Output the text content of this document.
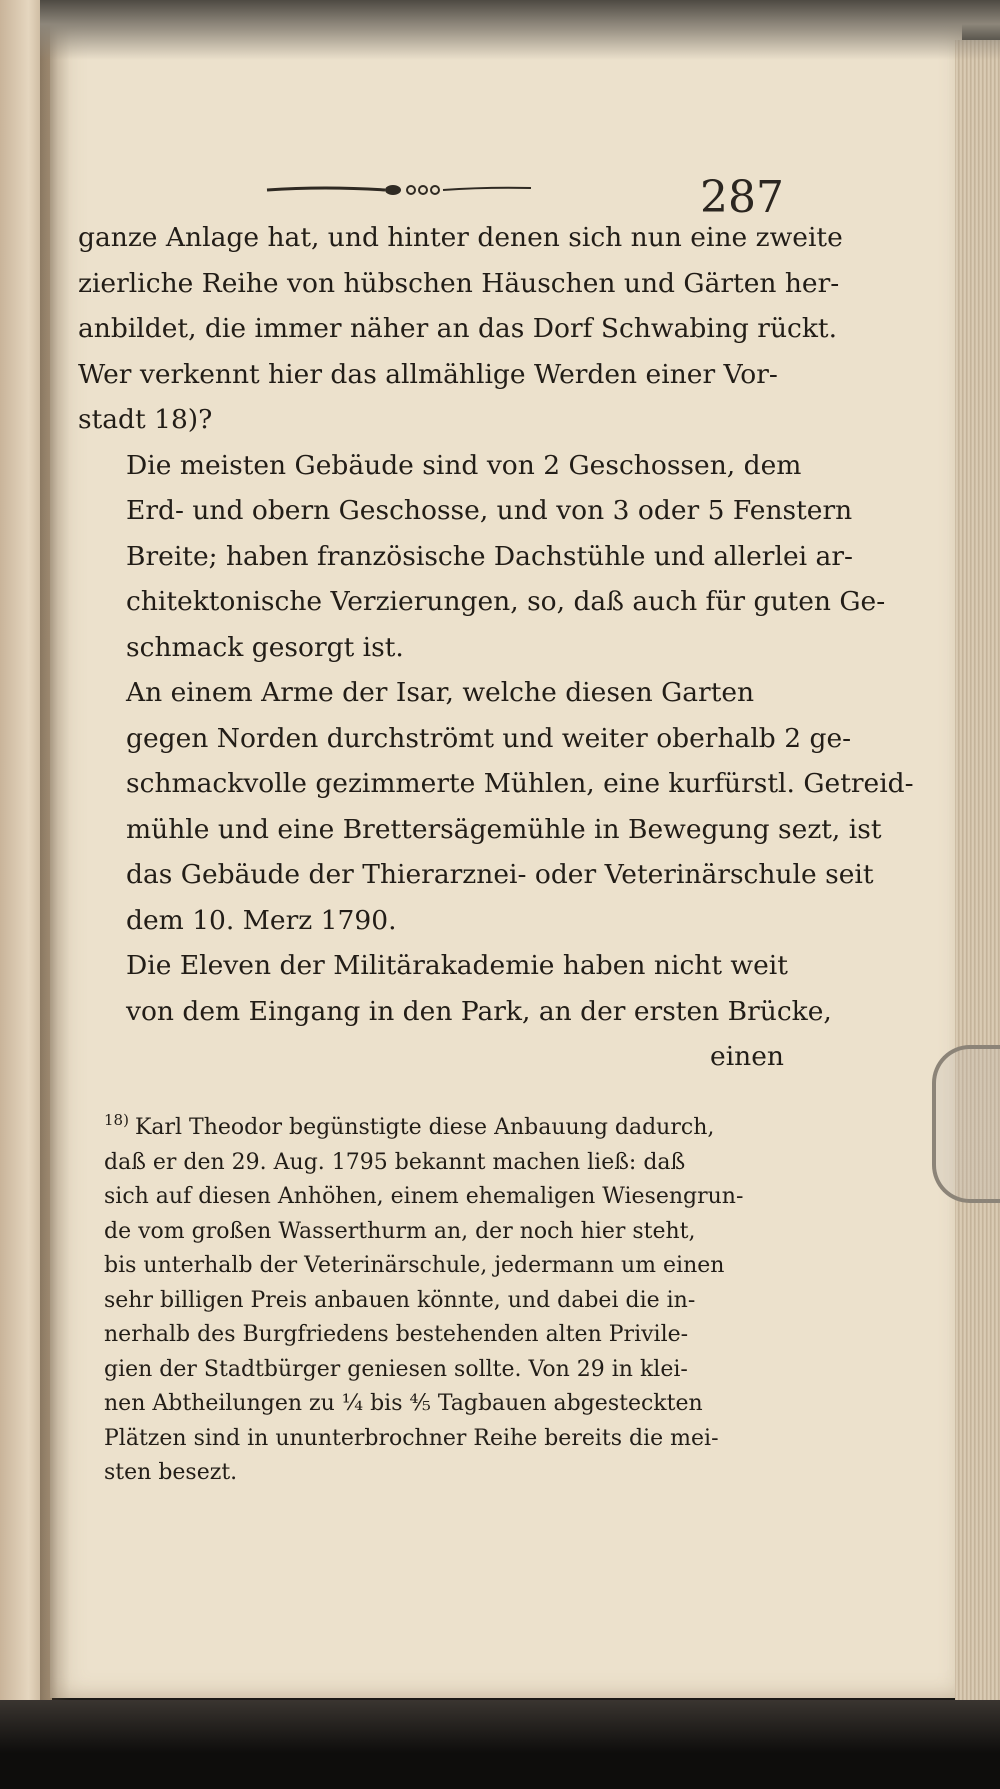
287

ganze Anlage hat, und hinter denen sich nun eine zweite
zierliche Reihe von hübschen Häuschen und Gärten her-
anbildet, die immer näher an das Dorf Schwabing rückt.
Wer verkennt hier das allmählige Werden einer Vor-
stadt 18)?

Die meisten Gebäude sind von 2 Geschossen, dem
Erd- und obern Geschosse, und von 3 oder 5 Fenstern
Breite; haben französische Dachstühle und allerlei ar-
chitektonische Verzierungen, so, daß auch für guten Ge-
schmack gesorgt ist.

An einem Arme der Isar, welche diesen Garten
gegen Norden durchströmt und weiter oberhalb 2 ge-
schmackvolle gezimmerte Mühlen, eine kurfürstl. Getreid-
mühle und eine Brettersägemühle in Bewegung sezt, ist
das Gebäude der Thierarznei- oder Veterinärschule seit
dem 10. Merz 1790.

Die Eleven der Militärakademie haben nicht weit
von dem Eingang in den Park, an der ersten Brücke,

einen
$^{18)}$ Karl Theodor begünstigte diese Anbauung dadurch,
daß er den 29. Aug. 1795 bekannt machen ließ: daß
sich auf diesen Anhöhen, einem ehemaligen Wiesengrun-
de vom großen Wasserthurm an, der noch hier steht,
bis unterhalb der Veterinärschule, jedermann um einen
sehr billigen Preis anbauen könnte, und dabei die in-
nerhalb des Burgfriedens bestehenden alten Privile-
gien der Stadtbürger geniesen sollte. Von 29 in klei-
nen Abtheilungen zu ¼ bis ⅘ Tagbauen abgesteckten
Plätzen sind in ununterbrochner Reihe bereits die mei-
sten besezt.
